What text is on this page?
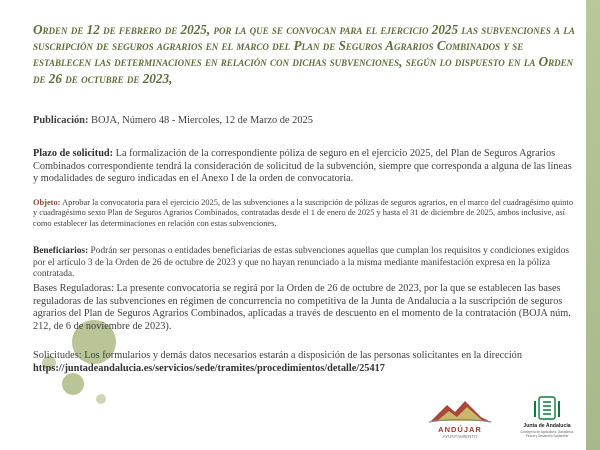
Orden de 12 de febrero de 2025, por la que se convocan para el ejercicio 2025 las subvenciones a la suscripción de seguros agrarios en el marco del Plan de Seguros Agrarios Combinados y se establecen las determinaciones en relación con dichas subvenciones, según lo dispuesto en la Orden de 26 de octubre de 2023,
Publicación: BOJA, Número 48 - Miercoles, 12 de Marzo de 2025
Plazo de solicitud: La formalización de la correspondiente póliza de seguro en el ejercicio 2025, del Plan de Seguros Agrarios Combinados correspondiente tendrá la consideración de solicitud de la subvención, siempre que corresponda a alguna de las líneas y modalidades de seguro indicadas en el Anexo I de la orden de convocatoria.
Objeto: Aprobar la convocatoria para el ejercicio 2025, de las subvenciones a la suscripción de pólizas de seguros agrarios, en el marco del cuadragésimo quinto y cuadragésimo sexto Plan de Seguros Agrarios Combinados, contratadas desde el 1 de enero de 2025 y hasta el 31 de diciembre de 2025, ambos inclusive, así como establecer las determinaciones en relación con estas subvenciones.
Beneficiarios: Podrán ser personas o entidades beneficiarias de estas subvenciones aquellas que cumplan los requisitos y condiciones exigidos por el artículo 3 de la Orden de 26 de octubre de 2023 y que no hayan renunciado a la misma mediante manifestación expresa en la póliza contratada.
Bases Reguladoras: La presente convocatoria se regirá por la Orden de 26 de octubre de 2023, por la que se establecen las bases reguladoras de las subvenciones en régimen de concurrencia no competitiva de la Junta de Andalucía a la suscripción de seguros agrarios del Plan de Seguros Agrarios Combinados, aplicadas a través de descuento en el momento de la contratación (BOJA núm. 212, de 6 de noviembre de 2023).
Solicitudes: Los formularios y demás datos necesarios estarán a disposición de las personas solicitantes en la dirección
https://juntadeandalucia.es/servicios/sede/tramites/procedimientos/detalle/25417
ANDÚJAR
AYUNTAMIENTO
Junta de Andalucía
Consejería de Agricultura, Ganadería, Pesca y Desarrollo Sostenible
